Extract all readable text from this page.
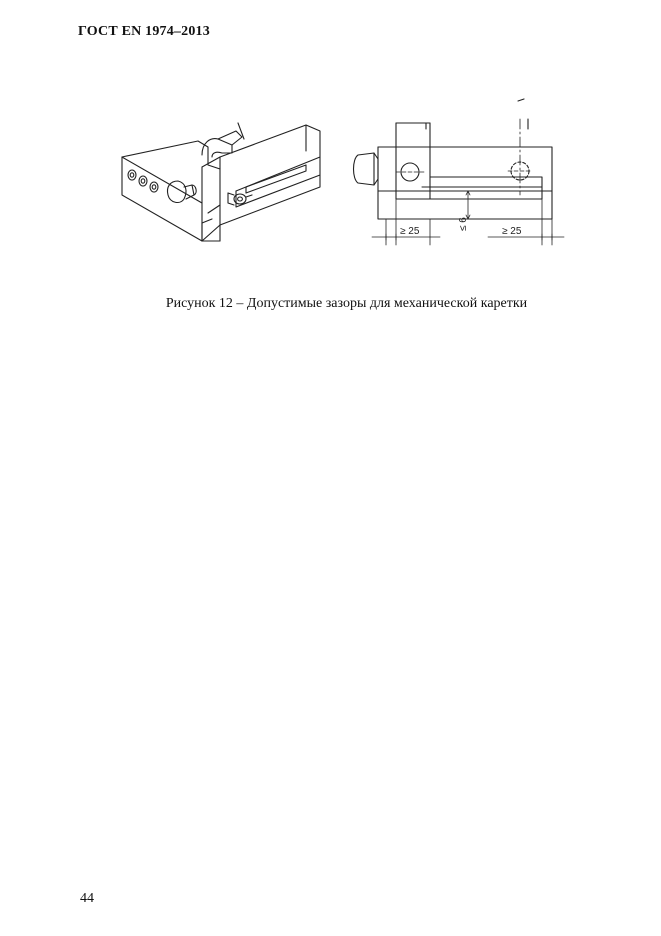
ГОСТ EN 1974–2013
≥ 25	≥ 25
≤ 6
Рисунок 12 – Допустимые зазоры для механической каретки
44
